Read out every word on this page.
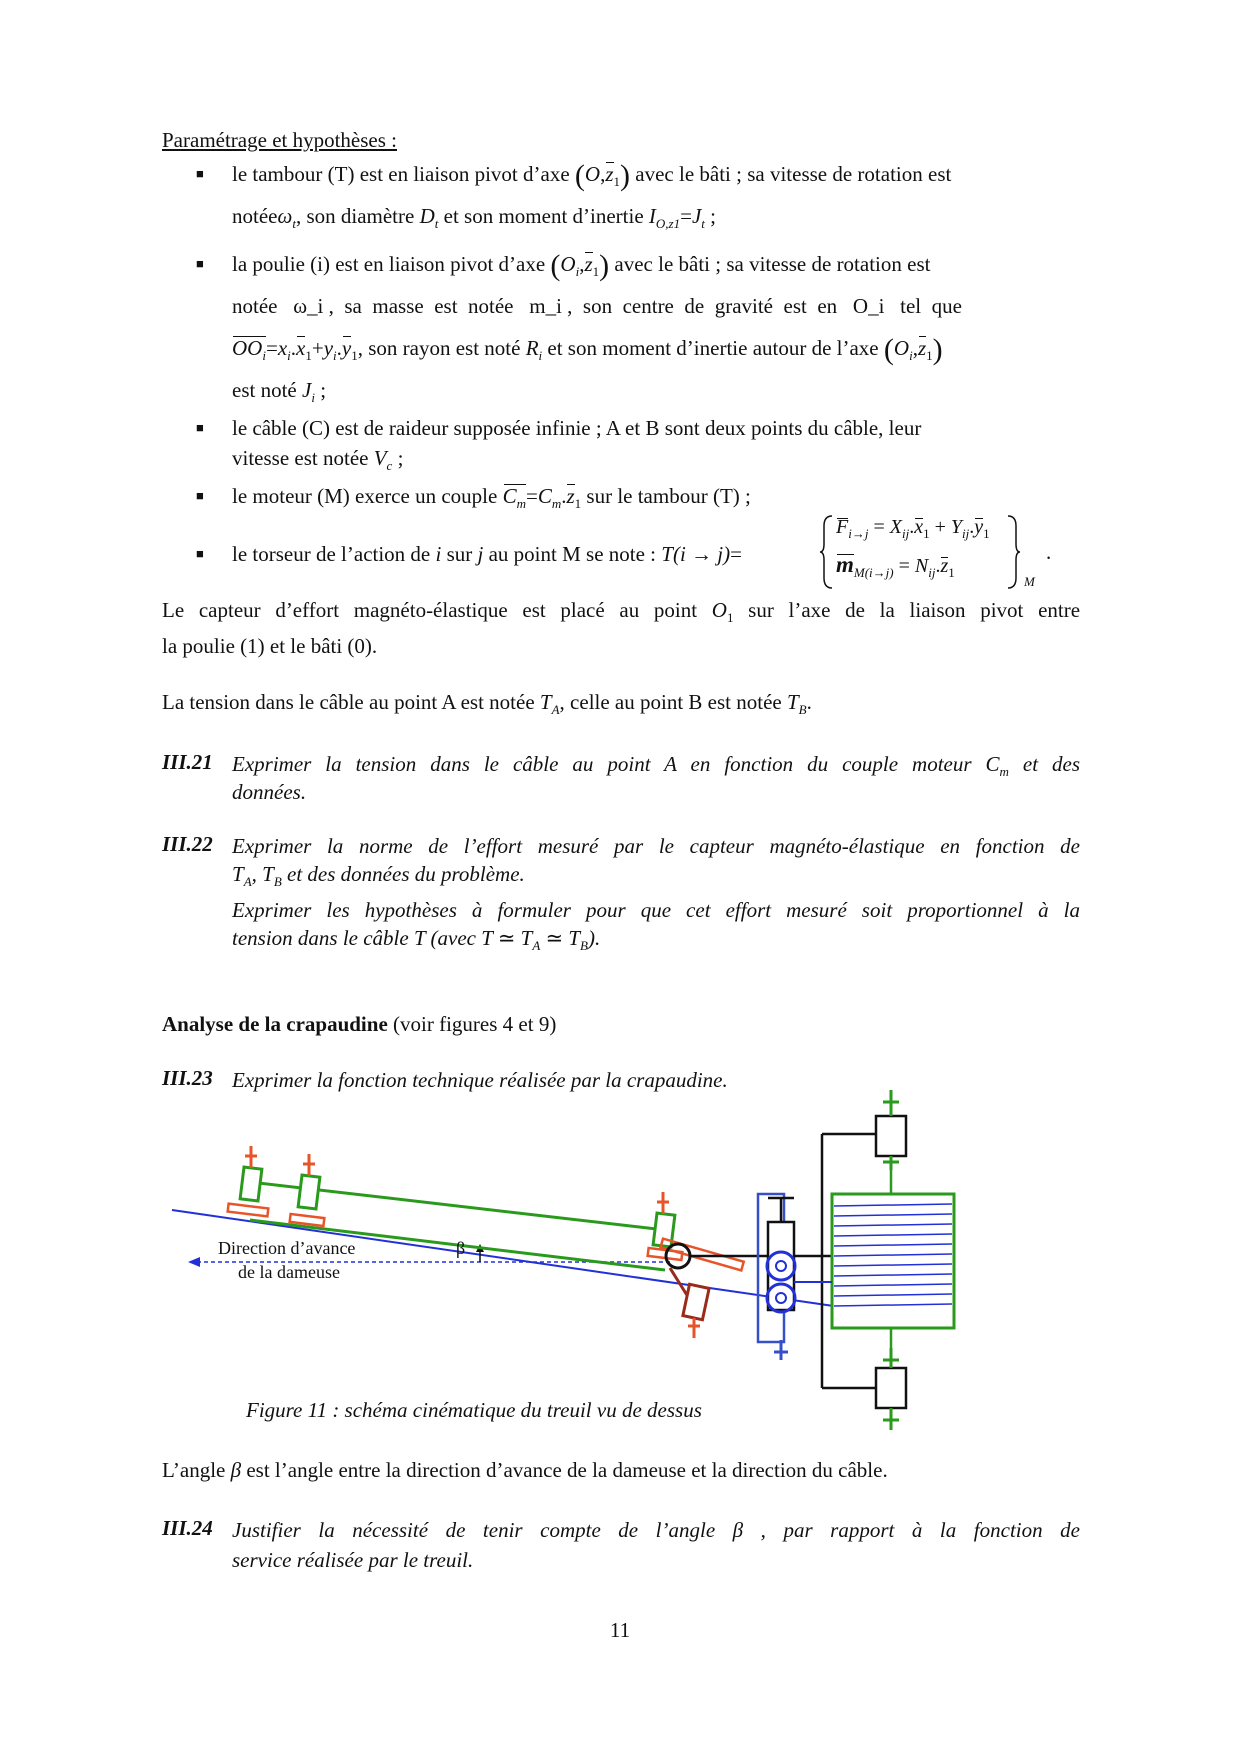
Paramétrage et hypothèses :
■ le tambour (T) est en liaison pivot d’axe $(O,z_1)$ avec le bâti ; sa vitesse de rotation est
notéeω$_t$, son diamètre $D_t$ et son moment d’inertie $I_{O,z1}=J_t$ ;
■ la poulie (i) est en liaison pivot d’axe $(O_i,z_1)$ avec le bâti ; sa vitesse de rotation est
notée   ω_i ,  sa  masse  est  notée   m_i ,  son  centre  de  gravité  est  en   O_i   tel  que
$OO_i=x_i.x_1+y_i.y_1$, son rayon est noté $R_i$ et son moment d’inertie autour de l’axe $(O_i,z_1)$
est noté $J_i$ ;
■ le câble (C) est de raideur supposée infinie ; A et B sont deux points du câble, leur
vitesse est notée $V_c$ ;
■ le moteur (M) exerce un couple $C_m=C_m.z_1$ sur le tambour (T) ;
■ le torseur de l’action de i sur j au point M se note : T(i → j)=
$F_{i\to j} = X_{ij}.x_1 + Y_{ij}.y_1$
$m_{M(i\to j)} = N_{ij}.z_1$
M
.
Le capteur d’effort magnéto-élastique est placé au point $O_1$ sur l’axe de la liaison pivot entre
la poulie (1) et le bâti (0).
La tension dans le câble au point A est notée $T_A$, celle au point B est notée $T_B$.
III.21 Exprimer la tension dans le câble au point A en fonction du couple moteur $C_m$ et des
données.
III.22 Exprimer la norme de l’effort mesuré par le capteur magnéto-élastique en fonction de
$T_A$, $T_B$ et des données du problème.
Exprimer les hypothèses à formuler pour que cet effort mesuré soit proportionnel à la
tension dans le câble T (avec T ≃ $T_A$ ≃ $T_B$).
Analyse de la crapaudine (voir figures 4 et 9)
III.23 Exprimer la fonction technique réalisée par la crapaudine.
Direction d’avance
de la dameuse
β
Figure 11 : schéma cinématique du treuil vu de dessus
L’angle β est l’angle entre la direction d’avance de la dameuse et la direction du câble.
III.24 Justifier la nécessité de tenir compte de l’angle β , par rapport à la fonction de
service réalisée par le treuil.
11
